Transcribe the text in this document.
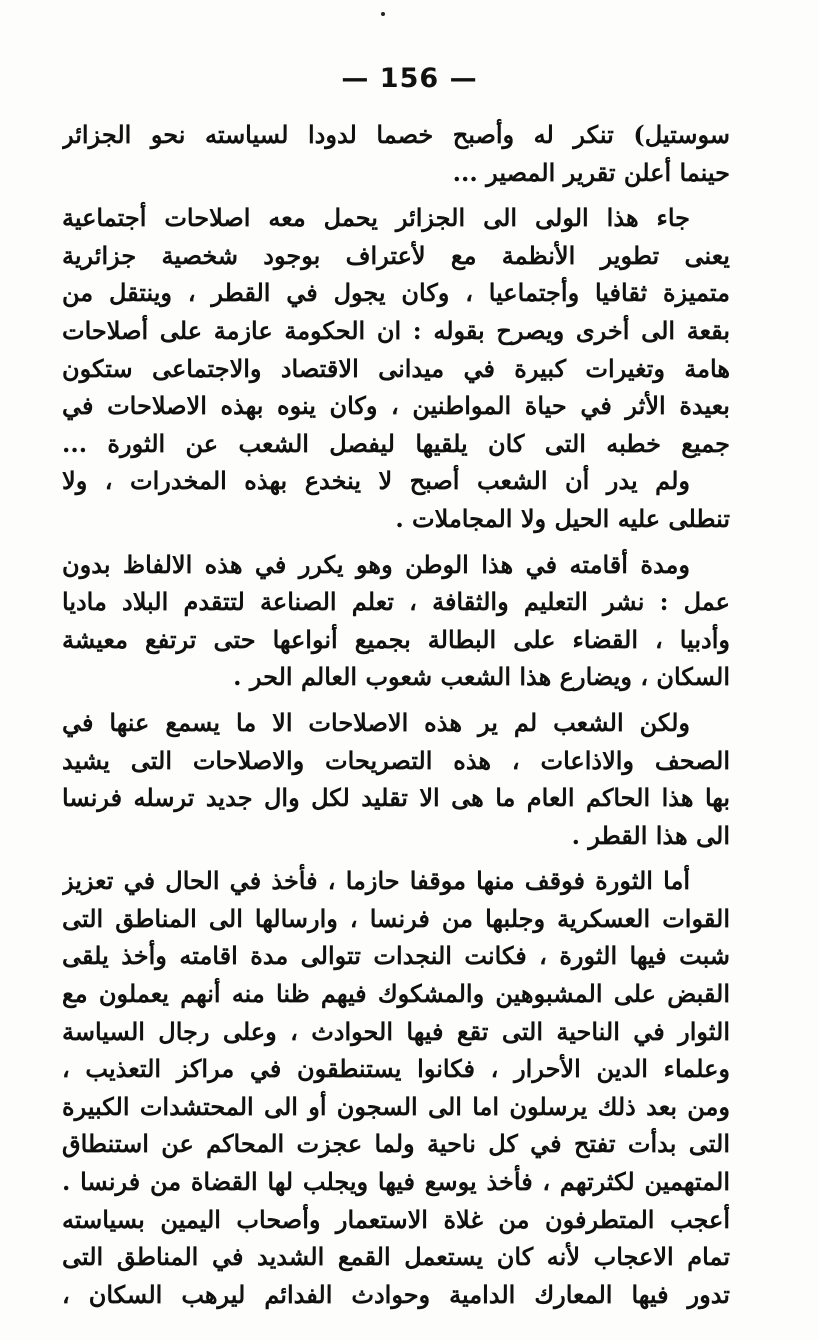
— 156 —
سوستيل) تنكر له وأصبح خصما لدودا لسياسته نحو الجزائر
حينما أعلن تقرير المصير ...
جاء هذا الولى الى الجزائر يحمل معه اصلاحات أجتماعية
يعنى تطوير الأنظمة مع لأعتراف بوجود شخصية جزائرية
متميزة ثقافيا وأجتماعيا ، وكان يجول في القطر ، وينتقل من
بقعة الى أخرى ويصرح بقوله : ان الحكومة عازمة على أصلاحات
هامة وتغيرات كبيرة في ميدانى الاقتصاد والاجتماعى ستكون
بعيدة الأثر في حياة المواطنين ، وكان ينوه بهذه الاصلاحات في
جميع خطبه التى كان يلقيها ليفصل الشعب عن الثورة ...
ولم يدر أن الشعب أصبح لا ينخدع بهذه المخدرات ، ولا
تنطلى عليه الحيل ولا المجاملات .
ومدة أقامته في هذا الوطن وهو يكرر في هذه الالفاظ بدون
عمل : نشر التعليم والثقافة ، تعلم الصناعة لتتقدم البلاد ماديا
وأدبيا ، القضاء على البطالة بجميع أنواعها حتى ترتفع معيشة
السكان ، ويضارع هذا الشعب شعوب العالم الحر .
ولكن الشعب لم ير هذه الاصلاحات الا ما يسمع عنها في
الصحف والاذاعات ، هذه التصريحات والاصلاحات التى يشيد
بها هذا الحاكم العام ما هى الا تقليد لكل وال جديد ترسله فرنسا
الى هذا القطر .
أما الثورة فوقف منها موقفا حازما ، فأخذ في الحال في تعزيز
القوات العسكرية وجلبها من فرنسا ، وارسالها الى المناطق التى
شبت فيها الثورة ، فكانت النجدات تتوالى مدة اقامته وأخذ يلقى
القبض على المشبوهين والمشكوك فيهم ظنا منه أنهم يعملون مع
الثوار في الناحية التى تقع فيها الحوادث ، وعلى رجال السياسة
وعلماء الدين الأحرار ، فكانوا يستنطقون في مراكز التعذيب ،
ومن بعد ذلك يرسلون اما الى السجون أو الى المحتشدات الكبيرة
التى بدأت تفتح في كل ناحية ولما عجزت المحاكم عن استنطاق
المتهمين لكثرتهم ، فأخذ يوسع فيها ويجلب لها القضاة من فرنسا .
أعجب المتطرفون من غلاة الاستعمار وأصحاب اليمين بسياسته
تمام الاعجاب لأنه كان يستعمل القمع الشديد في المناطق التى
تدور فيها المعارك الدامية وحوادث الفدائم ليرهب السكان ،
